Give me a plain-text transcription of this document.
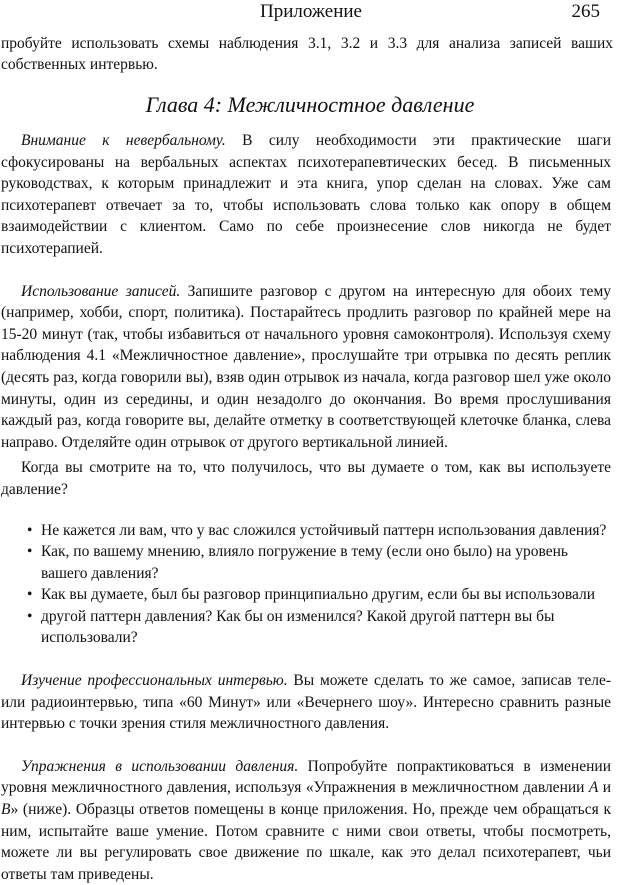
Приложение	265
пробуйте использовать схемы наблюдения 3.1, 3.2 и 3.3 для анализа записей ваших собственных интервью.
Глава 4: Межличностное давление

Внимание к невербальному. В силу необходимости эти практические шаги сфокусированы на вербальных аспектах психотерапевтических бесед. В письменных руководствах, к которым принадлежит и эта книга, упор сделан на словах. Уже сам психотерапевт отвечает за то, чтобы использовать слова только как опору в общем взаимодействии с клиентом. Само по себе произнесение слов никогда не будет психотерапией.

Использование записей. Запишите разговор с другом на интересную для обоих тему (например, хобби, спорт, политика). Постарайтесь продлить разговор по крайней мере на 15-20 минут (так, чтобы избавиться от начального уровня самоконтроля). Используя схему наблюдения 4.1 «Межличностное давление», прослушайте три отрывка по десять реплик (десять раз, когда говорили вы), взяв один отрывок из начала, когда разговор шел уже около минуты, один из середины, и один незадолго до окончания. Во время прослушивания каждый раз, когда говорите вы, делайте отметку в соответствующей клеточке бланка, слева направо. Отделяйте один отрывок от другого вертикальной линией.

Когда вы смотрите на то, что получилось, что вы думаете о том, как вы используете давление?

• Не кажется ли вам, что у вас сложился устойчивый паттерн использования давления?
• Как, по вашему мнению, влияло погружение в тему (если оно было) на уровень вашего давления?
• Как вы думаете, был бы разговор принципиально другим, если бы вы использовали
• другой паттерн давления? Как бы он изменился? Какой другой паттерн вы бы использовали?

Изучение профессиональных интервью. Вы можете сделать то же самое, записав теле- или радиоинтервью, типа «60 Минут» или «Вечернего шоу». Интересно сравнить разные интервью с точки зрения стиля межличностного давления.

Упражнения в использовании давления. Попробуйте попрактиковаться в изменении уровня межличностного давления, используя «Упражнения в межличностном давлении A и B» (ниже). Образцы ответов помещены в конце приложения. Но, прежде чем обращаться к ним, испытайте ваше умение. Потом сравните с ними свои ответы, чтобы посмотреть, можете ли вы регулировать свое движение по шкале, как это делал психотерапевт, чьи ответы там приведены.
